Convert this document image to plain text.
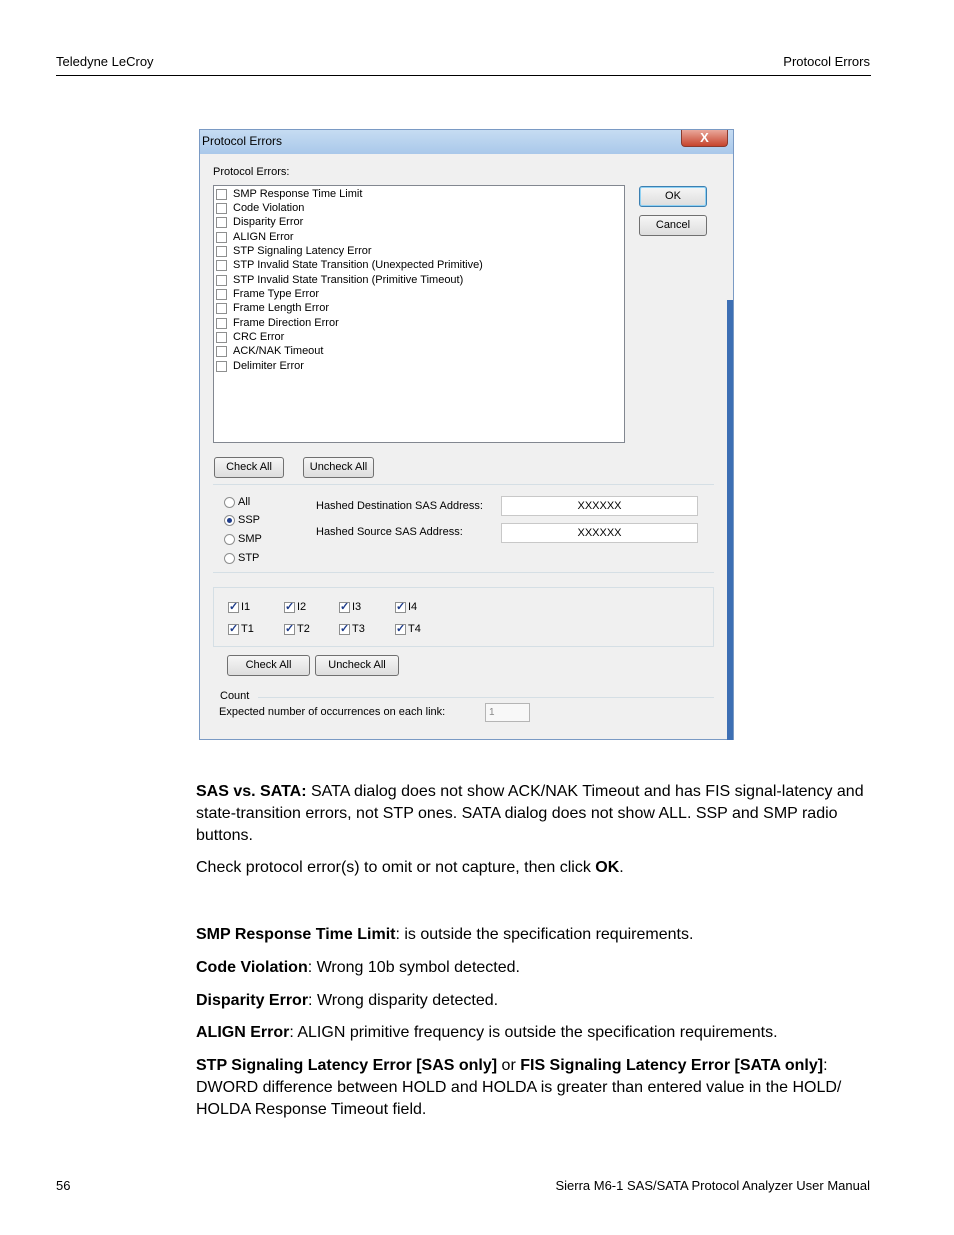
Teledyne LeCroy	Protocol Errors
Protocol Errors	X
Protocol Errors:
SMP Response Time Limit
Code Violation
Disparity Error
ALIGN Error
STP Signaling Latency Error
STP Invalid State Transition (Unexpected Primitive)
STP Invalid State Transition (Primitive Timeout)
Frame Type Error
Frame Length Error
Frame Direction Error
CRC Error
ACK/NAK Timeout
Delimiter Error
OK
Cancel
Check All	Uncheck All
All
SSP
SMP
STP
Hashed Destination SAS Address:	XXXXXX
Hashed Source SAS Address:	XXXXXX
✓I1 ✓	I2 ✓	I3 ✓	I4
✓T1 ✓	T2 ✓	T3 ✓	T4
Check All	Uncheck All
Count
Expected number of occurrences on each link:	1
SAS vs. SATA: SATA dialog does not show ACK/NAK Timeout and has FIS signal-latency and
state-transition errors, not STP ones. SATA dialog does not show ALL. SSP and SMP radio
buttons.
Check protocol error(s) to omit or not capture, then click OK.
SMP Response Time Limit: is outside the specification requirements.
Code Violation: Wrong 10b symbol detected.
Disparity Error: Wrong disparity detected.
ALIGN Error: ALIGN primitive frequency is outside the specification requirements.
STP Signaling Latency Error [SAS only] or FIS Signaling Latency Error [SATA only]:
DWORD difference between HOLD and HOLDA is greater than entered value in the HOLD/
HOLDA Response Timeout field.
56	Sierra M6-1 SAS/SATA Protocol Analyzer User Manual
